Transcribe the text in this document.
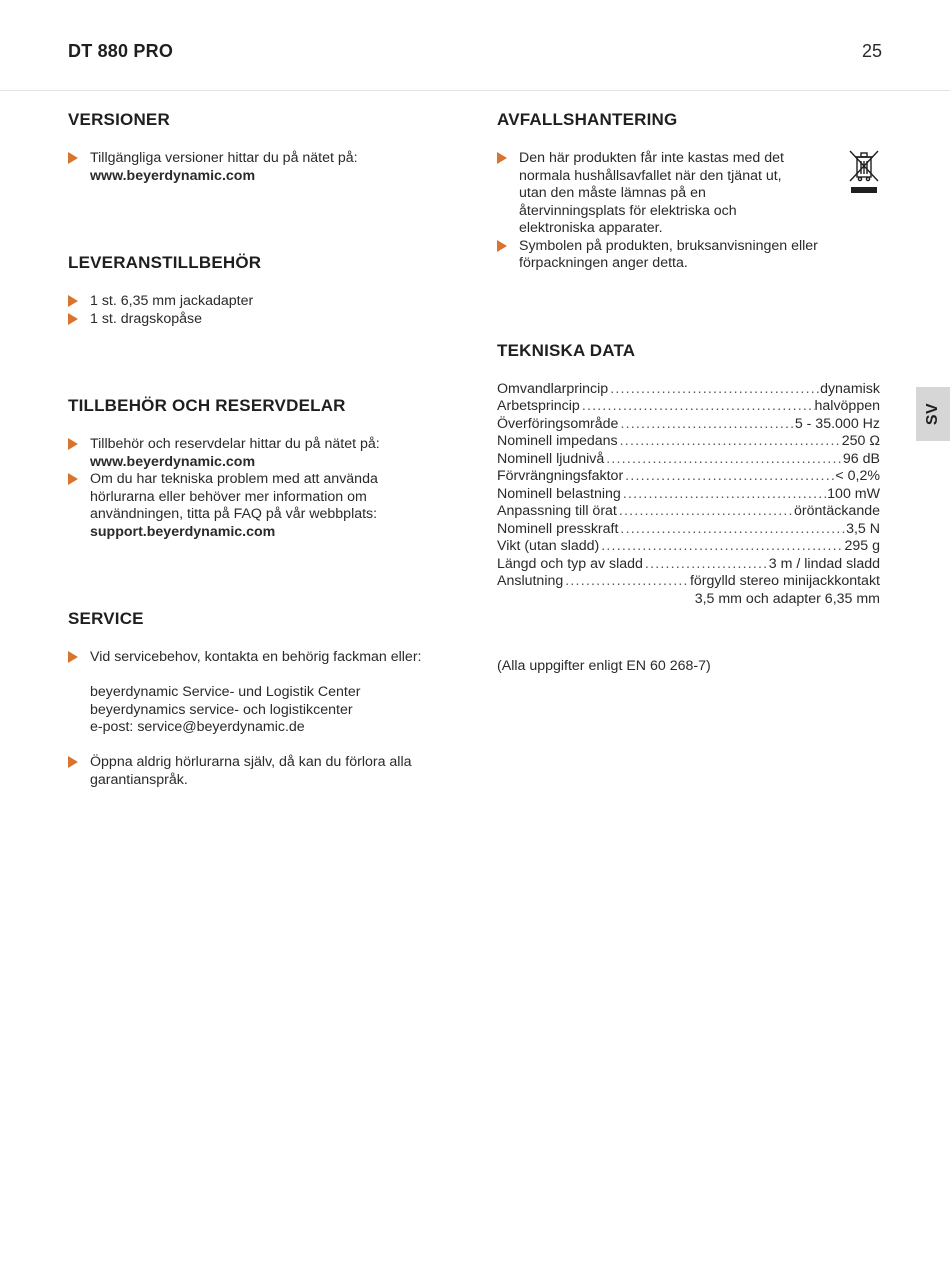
DT 880 PRO	25
VERSIONER
Tillgängliga versioner hittar du på nätet på:
www.beyerdynamic.com
LEVERANSTILLBEHÖR
1 st. 6,35 mm jackadapter
1 st. dragskopåse
TILLBEHÖR OCH RESERVDELAR
Tillbehör och reservdelar hittar du på nätet på:
www.beyerdynamic.com
Om du har tekniska problem med att använda hörlurarna eller behöver mer information om användningen, titta på FAQ på vår webbplats:
support.beyerdynamic.com
SERVICE
Vid servicebehov, kontakta en behörig fackman eller:
beyerdynamic Service- und Logistik Center
beyerdynamics service- och logistikcenter
e-post: service@beyerdynamic.de
Öppna aldrig hörlurarna själv, då kan du förlora alla garantianspråk.
AVFALLSHANTERING
Den här produkten får inte kastas med det normala hushållsavfallet när den tjänat ut, utan den måste lämnas på en återvinningsplats för elektriska och elektroniska apparater.
Symbolen på produkten, bruksanvisningen eller förpackningen anger detta.
TEKNISKA DATA
Omvandlarprincip .....	dynamisk
Arbetsprincip .....	halvöppen
Överföringsområde .....	5 - 35.000 Hz
Nominell impedans .....	250 Ω
Nominell ljudnivå .....	96 dB
Förvrängningsfaktor .....	< 0,2%
Nominell belastning .....	100 mW
Anpassning till örat .....	öröntäckande
Nominell presskraft .....	3,5 N
Vikt (utan sladd) .....	295 g
Längd och typ av sladd .....	3 m / lindad sladd
Anslutning .....	förgylld stereo minijackkontakt
3,5 mm och adapter 6,35 mm
(Alla uppgifter enligt EN 60 268-7)
SV
